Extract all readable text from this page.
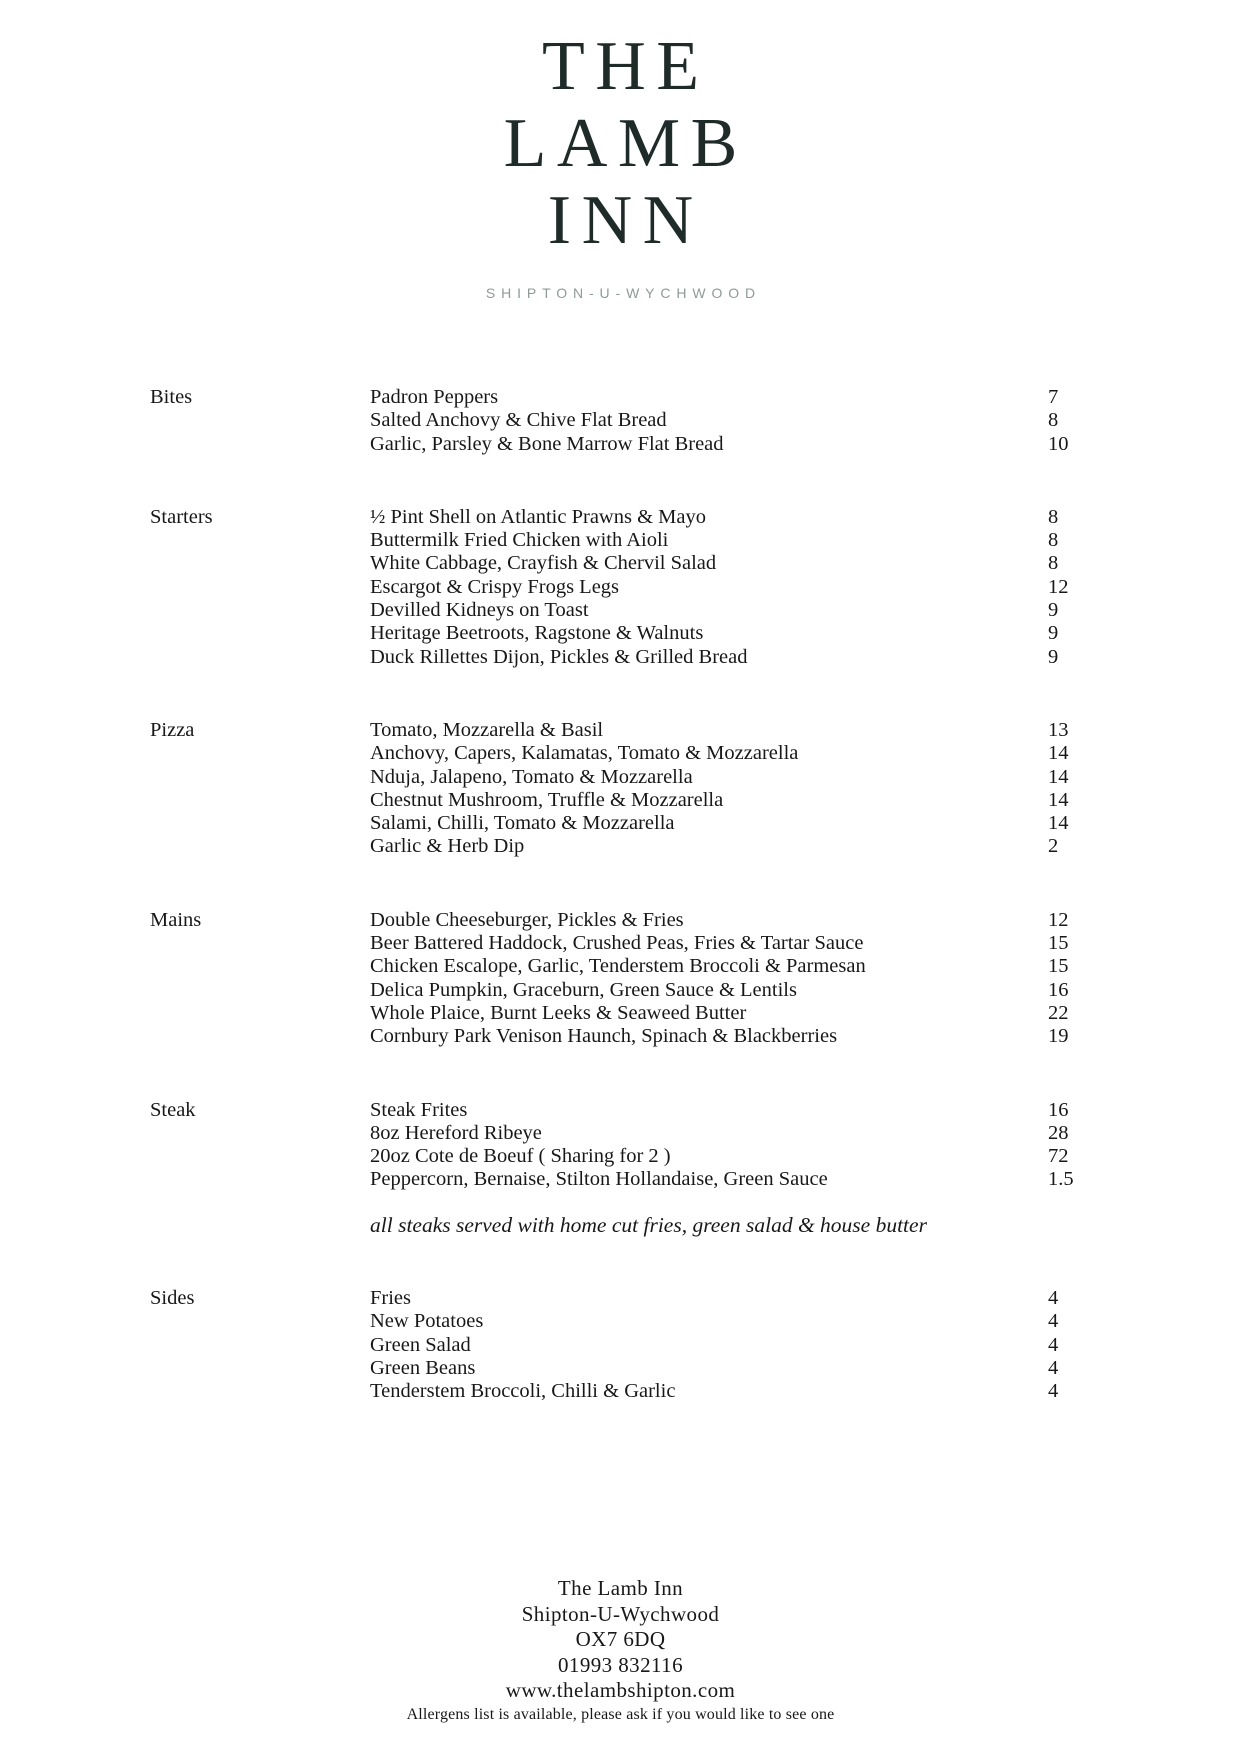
THE
LAMB
INN
SHIPTON-U-WYCHWOOD
Bites	Padron Peppers	7
Salted Anchovy & Chive Flat Bread	8
Garlic, Parsley & Bone Marrow Flat Bread	10
Starters	½ Pint Shell on Atlantic Prawns & Mayo	8
Buttermilk Fried Chicken with Aioli	8
White Cabbage, Crayfish & Chervil Salad	8
Escargot & Crispy Frogs Legs	12
Devilled Kidneys on Toast	9
Heritage Beetroots, Ragstone & Walnuts	9
Duck Rillettes Dijon, Pickles & Grilled Bread	9
Pizza	Tomato, Mozzarella & Basil	13
Anchovy, Capers, Kalamatas, Tomato & Mozzarella	14
Nduja, Jalapeno, Tomato & Mozzarella	14
Chestnut Mushroom, Truffle & Mozzarella	14
Salami, Chilli, Tomato & Mozzarella	14
Garlic & Herb Dip	2
Mains	Double Cheeseburger, Pickles & Fries	12
Beer Battered Haddock, Crushed Peas, Fries & Tartar Sauce	15
Chicken Escalope, Garlic, Tenderstem Broccoli & Parmesan	15
Delica Pumpkin, Graceburn, Green Sauce & Lentils	16
Whole Plaice, Burnt Leeks & Seaweed Butter	22
Cornbury Park Venison Haunch, Spinach & Blackberries	19
Steak	Steak Frites	16
8oz Hereford Ribeye	28
20oz Cote de Boeuf ( Sharing for 2 )	72
Peppercorn, Bernaise, Stilton Hollandaise, Green Sauce	1.5
all steaks served with home cut fries, green salad & house butter
Sides	Fries	4
New Potatoes	4
Green Salad	4
Green Beans	4
Tenderstem Broccoli, Chilli & Garlic	4
The Lamb Inn
Shipton-U-Wychwood
OX7 6DQ
01993 832116
www.thelambshipton.com
Allergens list is available, please ask if you would like to see one
